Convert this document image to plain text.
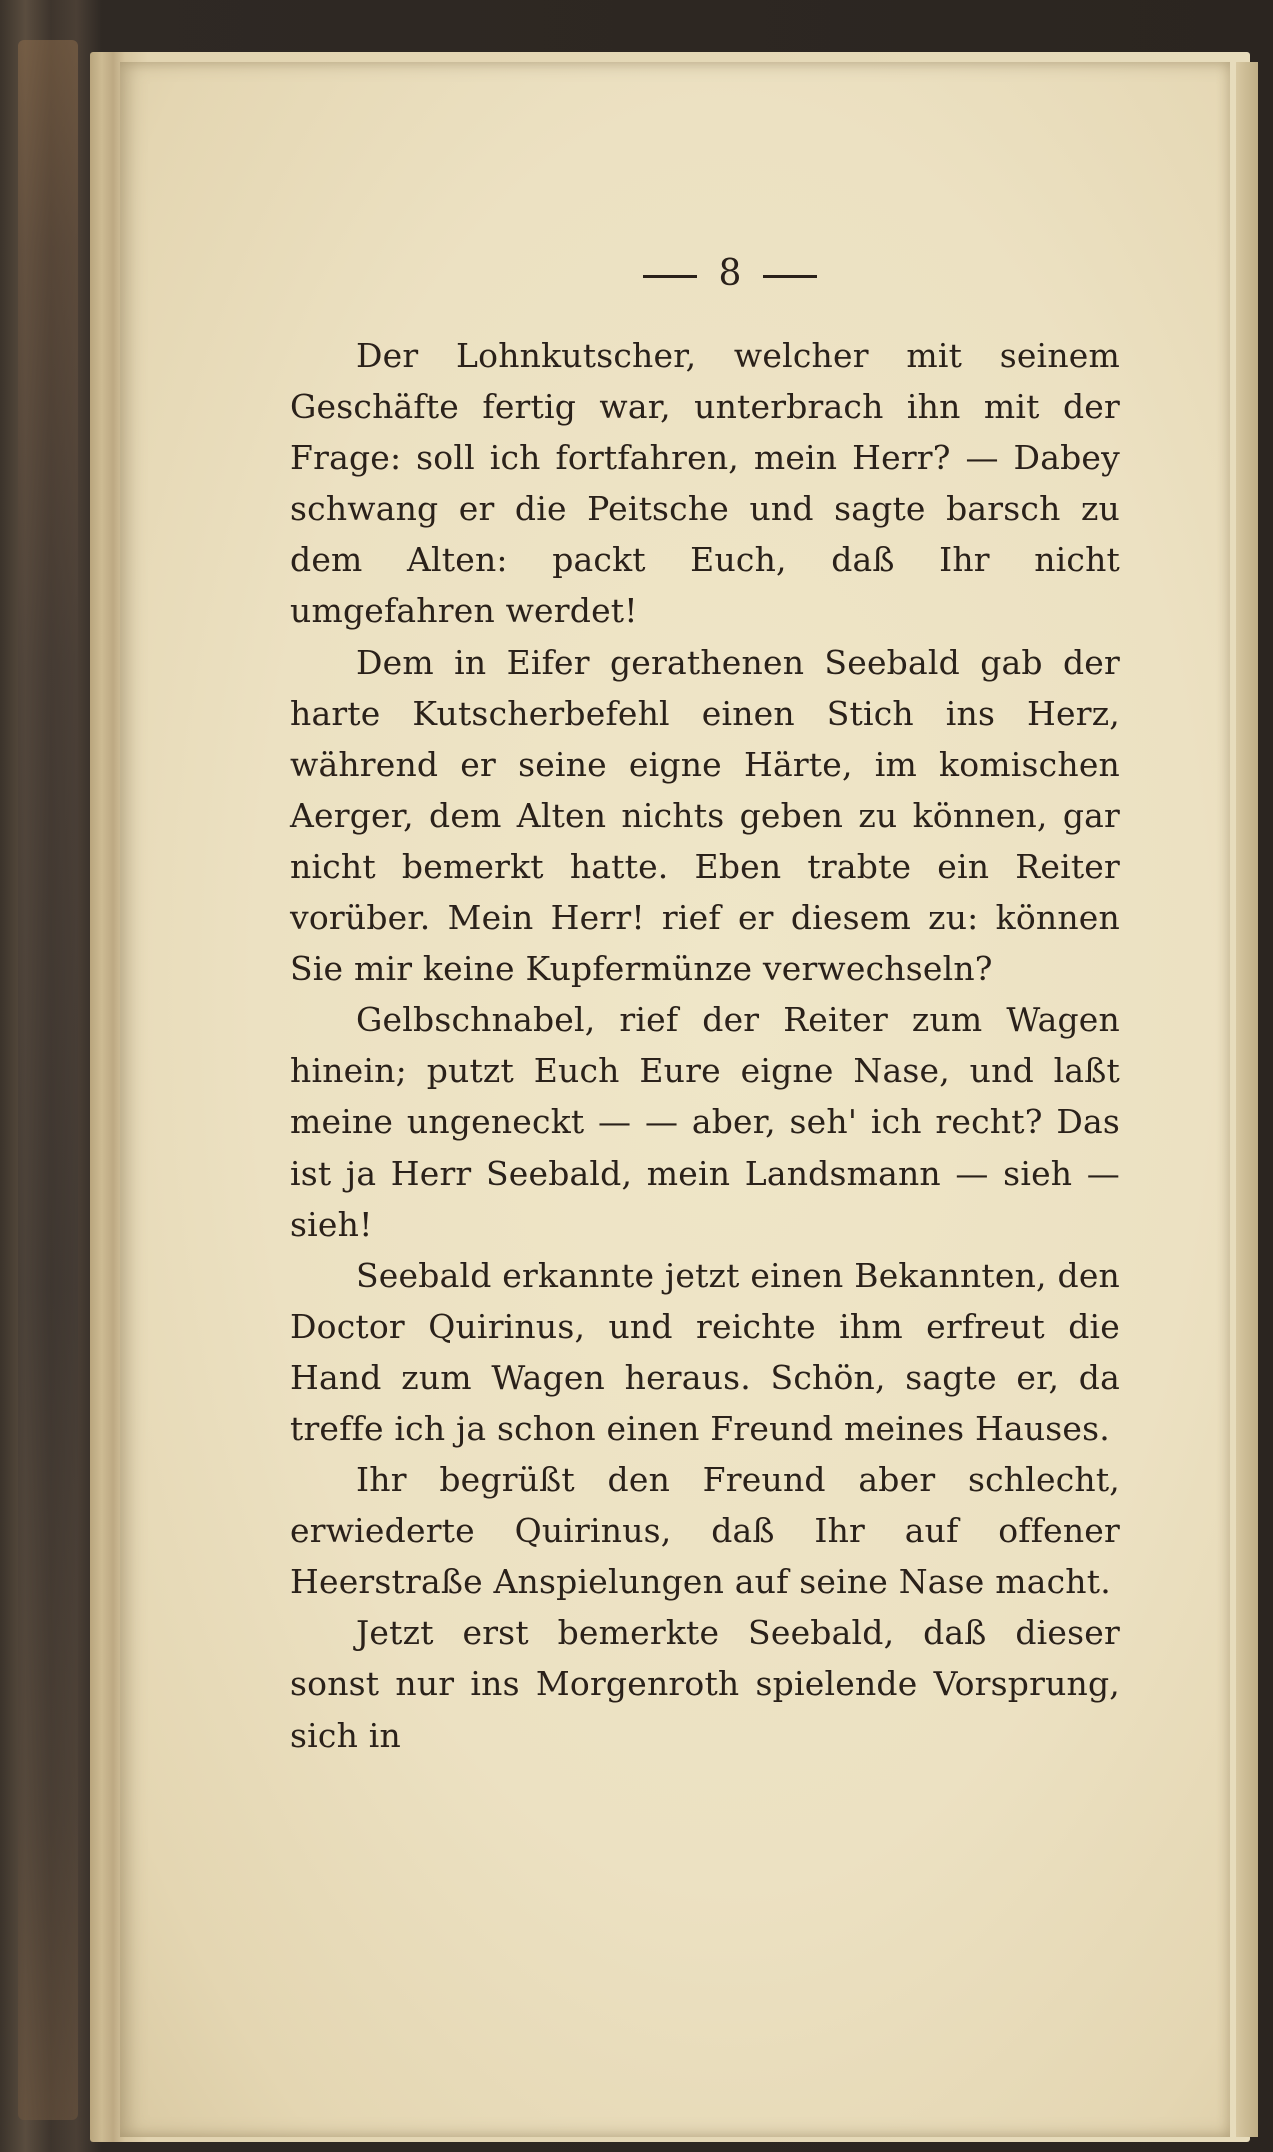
8

Der Lohnkutscher, welcher mit seinem Geschäfte fertig war, unterbrach ihn mit der Frage: soll ich fortfahren, mein Herr? — Dabey schwang er die Peitsche und sagte barsch zu dem Alten: packt Euch, daß Ihr nicht umgefahren werdet!

Dem in Eifer gerathenen Seebald gab der harte Kutscherbefehl einen Stich ins Herz, während er seine eigne Härte, im komischen Aerger, dem Alten nichts geben zu können, gar nicht bemerkt hatte. Eben trabte ein Reiter vorüber. Mein Herr! rief er diesem zu: können Sie mir keine Kupfermünze verwechseln?

Gelbschnabel, rief der Reiter zum Wagen hinein; putzt Euch Eure eigne Nase, und laßt meine ungeneckt — — aber, seh' ich recht? Das ist ja Herr Seebald, mein Landsmann — sieh — sieh!

Seebald erkannte jetzt einen Bekannten, den Doctor Quirinus, und reichte ihm erfreut die Hand zum Wagen heraus. Schön, sagte er, da treffe ich ja schon einen Freund meines Hauses.

Ihr begrüßt den Freund aber schlecht, erwiederte Quirinus, daß Ihr auf offener Heerstraße Anspielungen auf seine Nase macht.

Jetzt erst bemerkte Seebald, daß dieser sonst nur ins Morgenroth spielende Vorsprung, sich in
